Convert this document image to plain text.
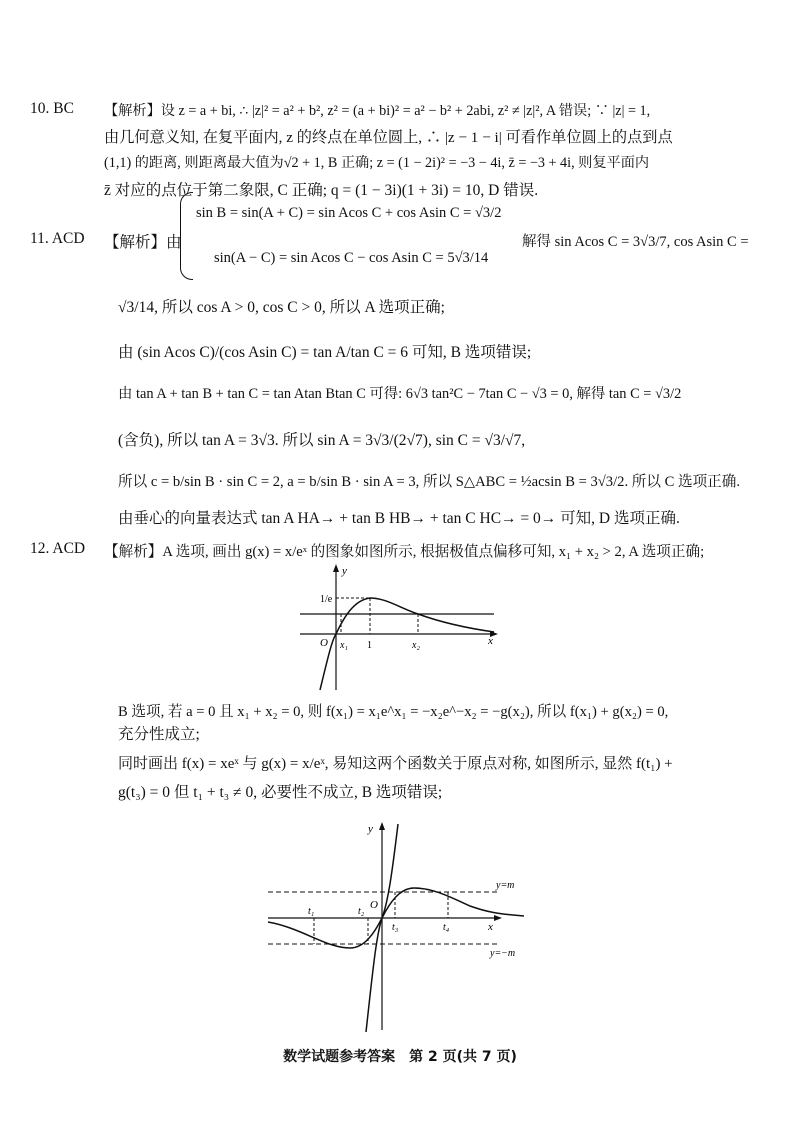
10. BC 【解析】设 z = a + bi, ∴ |z|² = a² + b², z² = (a + bi)² = a² − b² + 2abi, z² ≠ |z|², A 错误; ∵ |z| = 1,
由几何意义知, 在复平面内, z 的终点在单位圆上, ∴ |z − 1 − i| 可看作单位圆上的点到点
(1,1) 的距离, 则距离最大值为√2 + 1, B 正确; z = (1 − 2i)² = −3 − 4i, z̄ = −3 + 4i, 则复平面内
z̄ 对应的点位于第二象限, C 正确; q = (1 − 3i)(1 + 3i) = 10, D 错误.
11. ACD 【解析】由
sin B = sin(A + C) = sin Acos C + cos Asin C = √3/2
sin(A − C) = sin Acos C − cos Asin C = 5√3/14
解得 sin Acos C = 3√3/7, cos Asin C =
√3/14, 所以 cos A > 0, cos C > 0, 所以 A 选项正确;
由 (sin Acos C)/(cos Asin C) = tan A/tan C = 6 可知, B 选项错误;
由 tan A + tan B + tan C = tan Atan Btan C 可得: 6√3 tan²C − 7tan C − √3 = 0, 解得 tan C = √3/2
(含负), 所以 tan A = 3√3. 所以 sin A = 3√3/(2√7), sin C = √3/√7,
所以 c = b/sin B · sin C = 2, a = b/sin B · sin A = 3, 所以 S△ABC = ½acsin B = 3√3/2. 所以 C 选项正确.
由垂心的向量表达式 tan A HA→ + tan B HB→ + tan C HC→ = 0→ 可知, D 选项正确.
12. ACD 【解析】A 选项, 画出 g(x) = x/eˣ 的图象如图所示, 根据极值点偏移可知, x₁ + x₂ > 2, A 选项正确;
y
x
O
1/e
x₁ 1	x₂
B 选项, 若 a = 0 且 x₁ + x₂ = 0, 则 f(x₁) = x₁e^x₁ = −x₂e^−x₂ = −g(x₂), 所以 f(x₁) + g(x₂) = 0,
充分性成立;
同时画出 f(x) = xeˣ 与 g(x) = x/eˣ, 易知这两个函数关于原点对称, 如图所示, 显然 f(t₁) +
g(t₃) = 0 但 t₁ + t₃ ≠ 0, 必要性不成立, B 选项错误;
y
x
O
t₁	t₂
t₃	t₄
y=m
y=−m
数学试题参考答案　第 2 页(共 7 页)
